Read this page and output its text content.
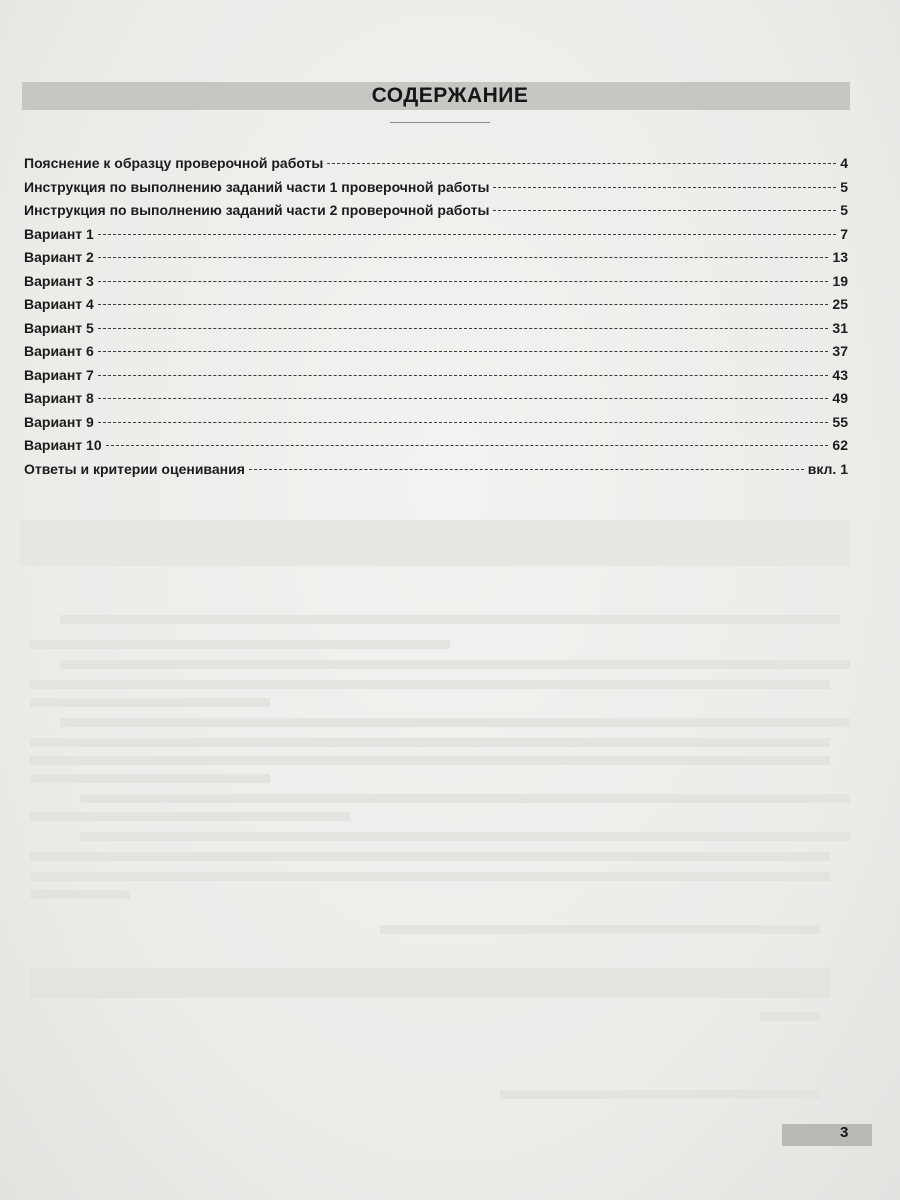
СОДЕРЖАНИЕ
Пояснение к образцу проверочной работы	4
Инструкция по выполнению заданий части 1 проверочной работы	5
Инструкция по выполнению заданий части 2 проверочной работы	5
Вариант 1	7
Вариант 2	13
Вариант 3	19
Вариант 4	25
Вариант 5	31
Вариант 6	37
Вариант 7	43
Вариант 8	49
Вариант 9	55
Вариант 10	62
Ответы и критерии оценивания	вкл. 1
3
